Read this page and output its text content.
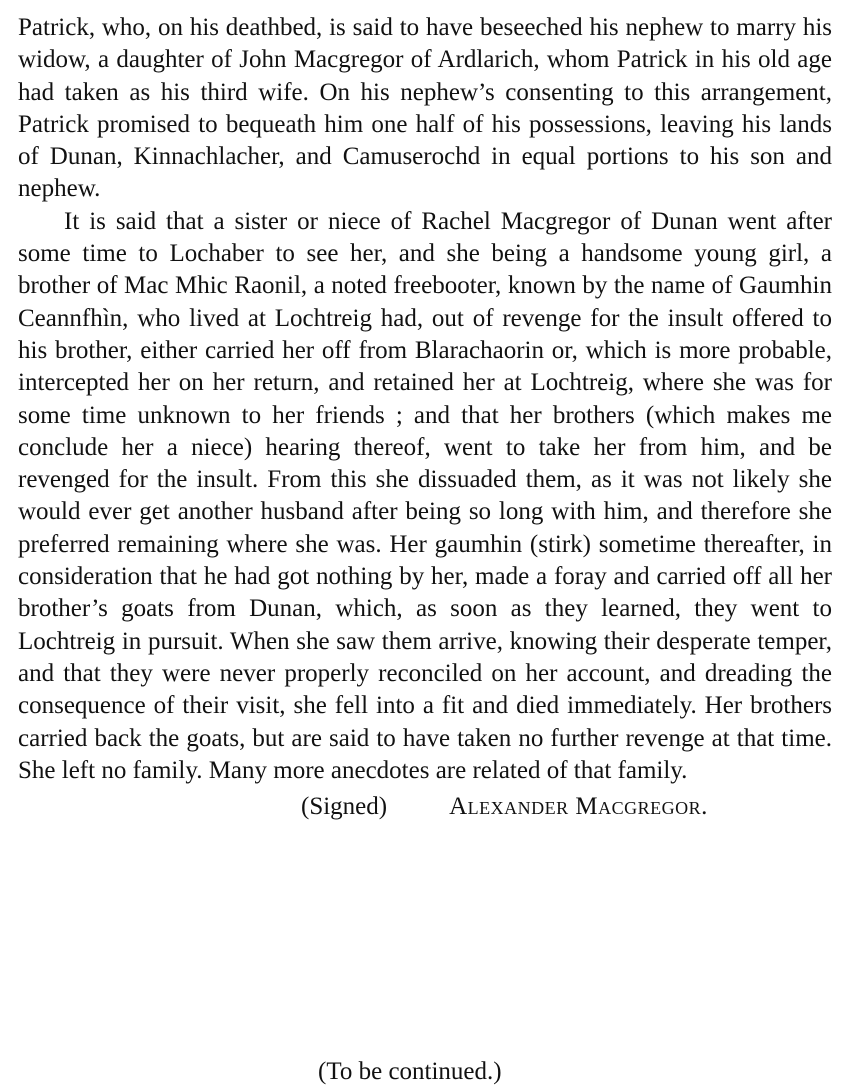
Patrick, who, on his deathbed, is said to have beseeched his nephew to marry his widow, a daughter of John Macgregor of Ardlarich, whom Patrick in his old age had taken as his third wife. On his nephew’s consenting to this arrangement, Patrick promised to bequeath him one half of his possessions, leaving his lands of Dunan, Kinnachlacher, and Camuserochd in equal portions to his son and nephew.

It is said that a sister or niece of Rachel Macgregor of Dunan went after some time to Lochaber to see her, and she being a handsome young girl, a brother of Mac Mhic Raonil, a noted freebooter, known by the name of Gaumhin Ceannfhìn, who lived at Lochtreig had, out of revenge for the insult offered to his brother, either carried her off from Blarachaorin or, which is more probable, intercepted her on her return, and retained her at Lochtreig, where she was for some time unknown to her friends ; and that her brothers (which makes me conclude her a niece) hearing thereof, went to take her from him, and be revenged for the insult. From this she dissuaded them, as it was not likely she would ever get another husband after being so long with him, and therefore she preferred remaining where she was. Her gaumhin (stirk) sometime thereafter, in consideration that he had got nothing by her, made a foray and carried off all her brother’s goats from Dunan, which, as soon as they learned, they went to Lochtreig in pursuit. When she saw them arrive, knowing their desperate temper, and that they were never properly reconciled on her account, and dreading the consequence of their visit, she fell into a fit and died immediately. Her brothers carried back the goats, but are said to have taken no further revenge at that time. She left no family. Many more anecdotes are related of that family.

(Signed) Alexander Macgregor.
(To be continued.)
